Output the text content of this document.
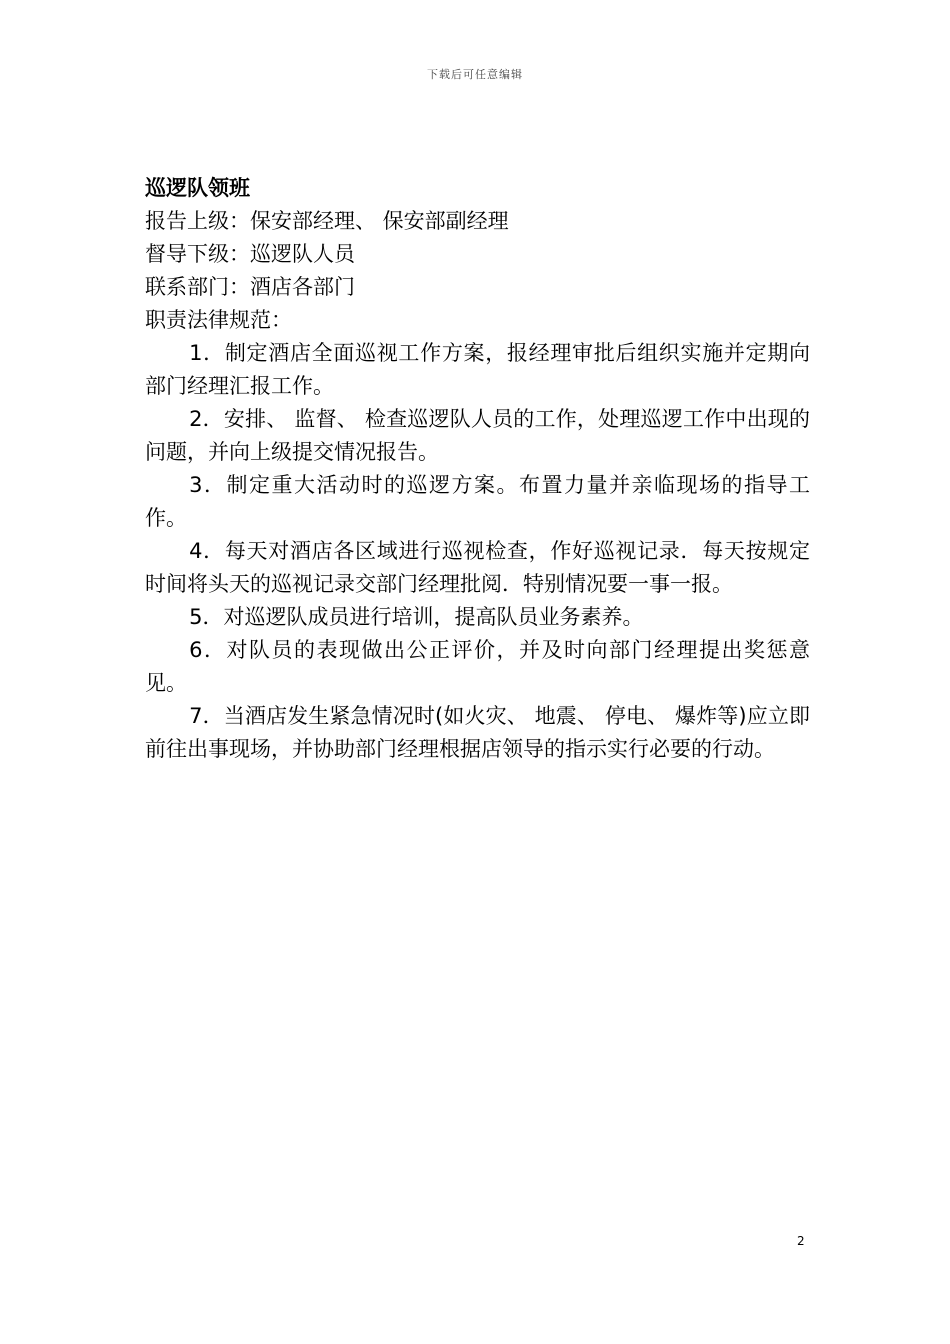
下载后可任意编辑
巡逻队领班

报告上级：保安部经理、 保安部副经理

督导下级：巡逻队人员

联系部门：酒店各部门

职责法律规范：

1．制定酒店全面巡视工作方案，报经理审批后组织实施并定期向部门经理汇报工作。
2．安排、 监督、 检查巡逻队人员的工作，处理巡逻工作中出现的问题，并向上级提交情况报告。
3．制定重大活动时的巡逻方案。布置力量并亲临现场的指导工作。
4．每天对酒店各区域进行巡视检查，作好巡视记录．每天按规定时间将头天的巡视记录交部门经理批阅．特别情况要一事一报。
5．对巡逻队成员进行培训，提高队员业务素养。
6．对队员的表现做出公正评价，并及时向部门经理提出奖惩意见。
7．当酒店发生紧急情况时(如火灾、 地震、 停电、 爆炸等)应立即前往出事现场，并协助部门经理根据店领导的指示实行必要的行动。
2
